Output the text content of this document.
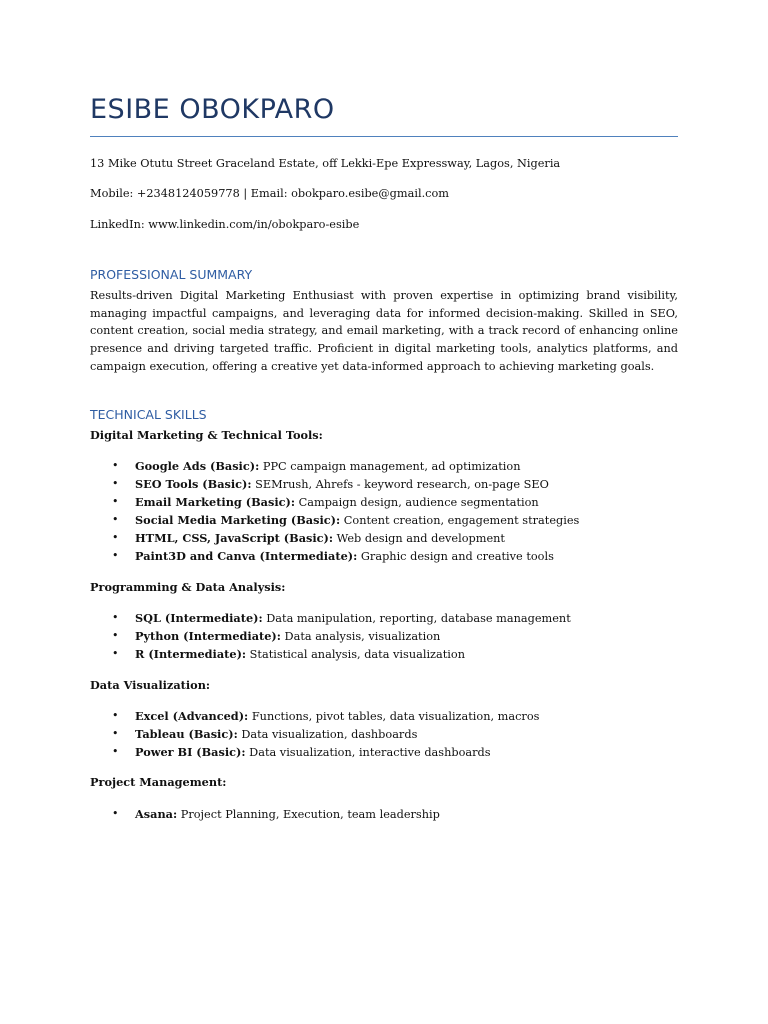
ESIBE OBOKPARO
13 Mike Otutu Street Graceland Estate, off Lekki-Epe Expressway, Lagos, Nigeria
Mobile: +2348124059778 | Email: obokparo.esibe@gmail.com
LinkedIn: www.linkedin.com/in/obokparo-esibe
PROFESSIONAL SUMMARY
Results-driven Digital Marketing Enthusiast with proven expertise in optimizing brand visibility, managing impactful campaigns, and leveraging data for informed decision-making. Skilled in SEO, content creation, social media strategy, and email marketing, with a track record of enhancing online presence and driving targeted traffic. Proficient in digital marketing tools, analytics platforms, and campaign execution, offering a creative yet data-informed approach to achieving marketing goals.
TECHNICAL SKILLS
Digital Marketing & Technical Tools:
• Google Ads (Basic): PPC campaign management, ad optimization
• SEO Tools (Basic): SEMrush, Ahrefs - keyword research, on-page SEO
• Email Marketing (Basic): Campaign design, audience segmentation
• Social Media Marketing (Basic): Content creation, engagement strategies
• HTML, CSS, JavaScript (Basic): Web design and development
• Paint3D and Canva (Intermediate): Graphic design and creative tools
Programming & Data Analysis:
• SQL (Intermediate): Data manipulation, reporting, database management
• Python (Intermediate): Data analysis, visualization
• R (Intermediate): Statistical analysis, data visualization
Data Visualization:
• Excel (Advanced): Functions, pivot tables, data visualization, macros
• Tableau (Basic): Data visualization, dashboards
• Power BI (Basic): Data visualization, interactive dashboards
Project Management:
• Asana: Project Planning, Execution, team leadership
